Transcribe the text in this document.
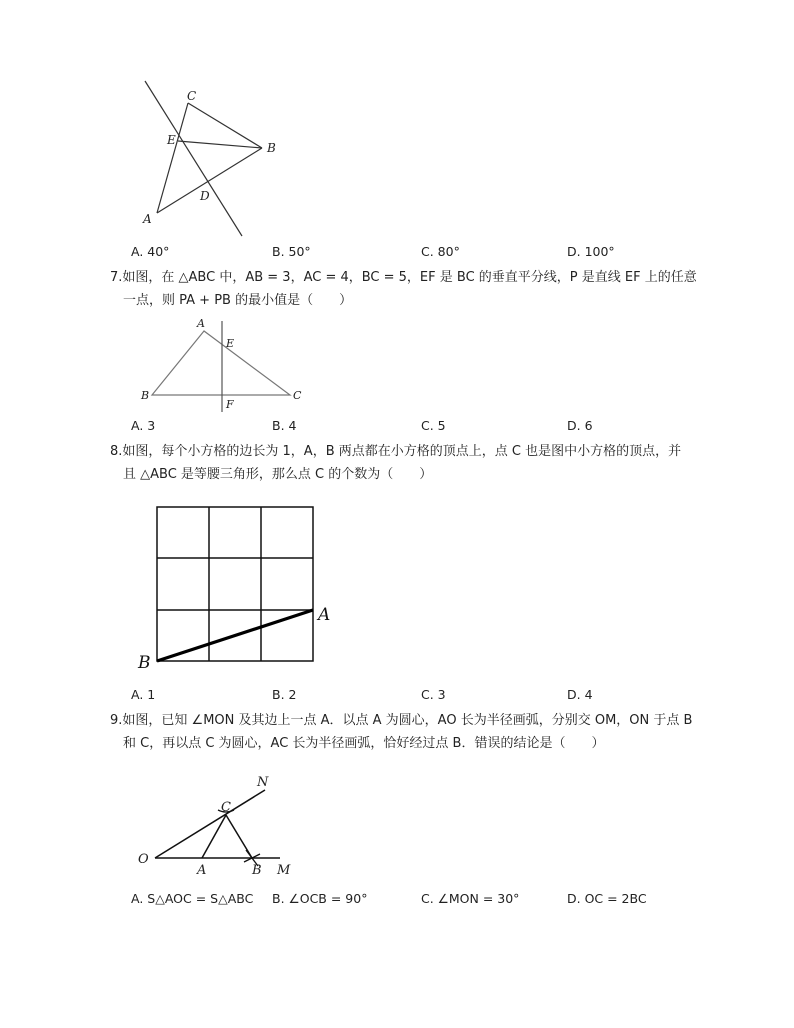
C
E
B
D
A
A. 40°	B. 50°	C. 80°	D. 100°
7.如图，在 △ABC 中，AB = 3，AC = 4，BC = 5，EF 是 BC 的垂直平分线，P 是直线 EF 上的任意
一点，则 PA + PB 的最小值是（　　）
A
E
B
F
C
A. 3	B. 4	C. 5	D. 6
8.如图，每个小方格的边长为 1，A，B 两点都在小方格的顶点上，点 C 也是图中小方格的顶点，并
且 △ABC 是等腰三角形，那么点 C 的个数为（　　）
A
B
A. 1	B. 2	C. 3	D. 4
9.如图，已知 ∠MON 及其边上一点 A．以点 A 为圆心，AO 长为半径画弧，分别交 OM，ON 于点 B
和 C，再以点 C 为圆心，AC 长为半径画弧，恰好经过点 B．错误的结论是（　　）
N
C
O
A	B M
A. S△AOC = S△ABC B. ∠OCB = 90°	C. ∠MON = 30°	D. OC = 2BC
